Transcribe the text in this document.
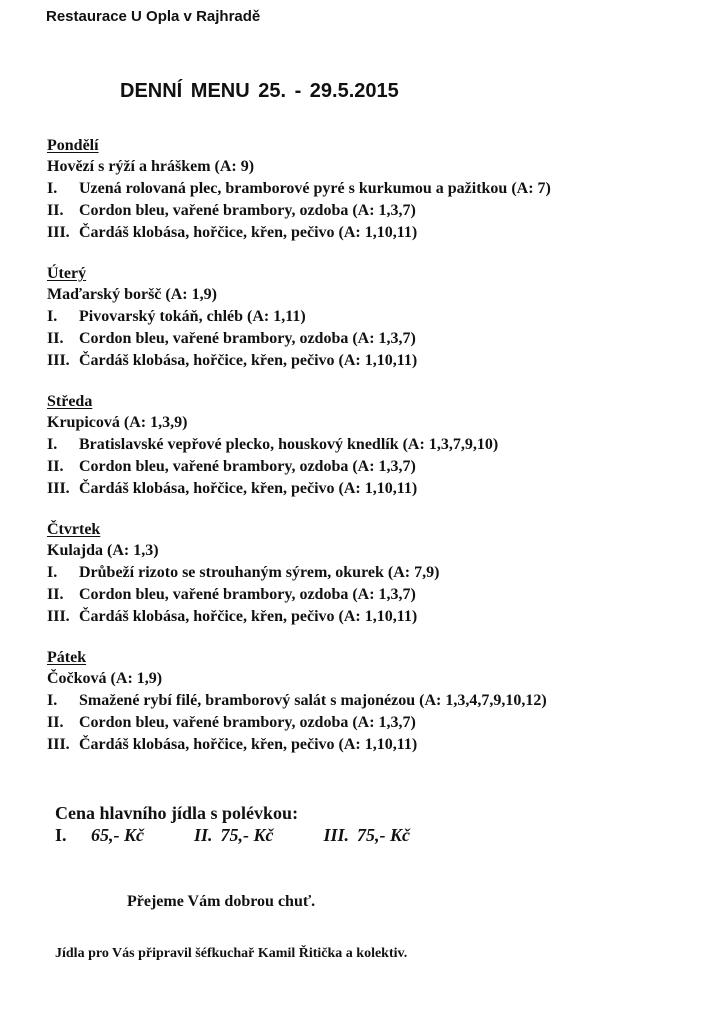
Restaurace U Opla v Rajhradě
DENNÍ MENU 25. - 29.5.2015
Pondělí
Hovězí s rýží a hráškem (A: 9)
I. Uzená rolovaná plec, bramborové pyré s kurkumou a pažitkou (A: 7)
II. Cordon bleu, vařené brambory, ozdoba (A: 1,3,7)
III. Čardáš klobása, hořčice, křen, pečivo (A: 1,10,11)
Úterý
Maďarský boršč (A: 1,9)
I. Pivovarský tokáň, chléb (A: 1,11)
II. Cordon bleu, vařené brambory, ozdoba (A: 1,3,7)
III. Čardáš klobása, hořčice, křen, pečivo (A: 1,10,11)
Středa
Krupicová (A: 1,3,9)
I. Bratislavské vepřové plecko, houskový knedlík (A: 1,3,7,9,10)
II. Cordon bleu, vařené brambory, ozdoba (A: 1,3,7)
III. Čardáš klobása, hořčice, křen, pečivo (A: 1,10,11)
Čtvrtek
Kulajda (A: 1,3)
I. Drůbeží rizoto se strouhaným sýrem, okurek (A: 7,9)
II. Cordon bleu, vařené brambory, ozdoba (A: 1,3,7)
III. Čardáš klobása, hořčice, křen, pečivo (A: 1,10,11)
Pátek
Čočková (A: 1,9)
I. Smažené rybí filé, bramborový salát s majonézou (A: 1,3,4,7,9,10,12)
II. Cordon bleu, vařené brambory, ozdoba (A: 1,3,7)
III. Čardáš klobása, hořčice, křen, pečivo (A: 1,10,11)
Cena hlavního jídla s polévkou:
I.	65,- Kč	II. 75,- Kč	III. 75,- Kč
Přejeme Vám dobrou chuť.
Jídla pro Vás připravil šéfkuchař Kamil Řitička a kolektiv.
